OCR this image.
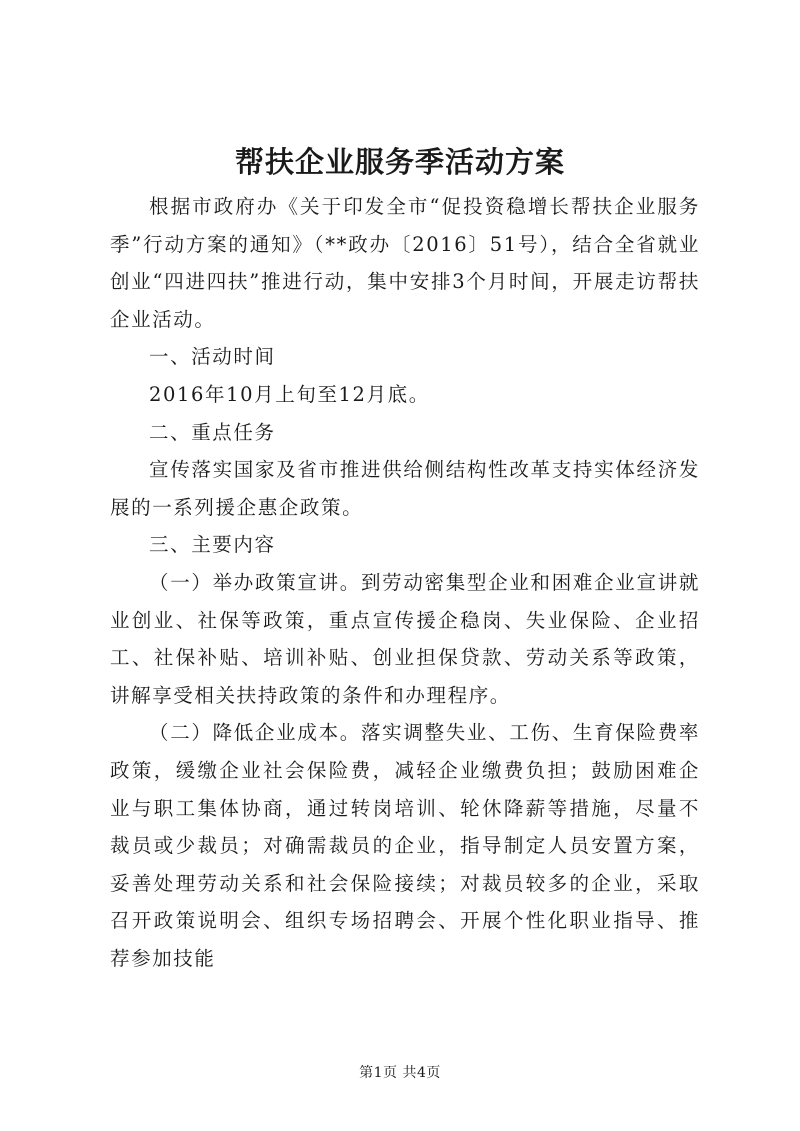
帮扶企业服务季活动方案

根据市政府办《关于印发全市“促投资稳增长帮扶企业服务季”行动方案的通知》（**政办〔2016〕51号），结合全省就业创业“四进四扶”推进行动，集中安排3个月时间，开展走访帮扶企业活动。

一、活动时间

2016年10月上旬至12月底。

二、重点任务

宣传落实国家及省市推进供给侧结构性改革支持实体经济发展的一系列援企惠企政策。

三、主要内容

（一）举办政策宣讲。到劳动密集型企业和困难企业宣讲就业创业、社保等政策，重点宣传援企稳岗、失业保险、企业招工、社保补贴、培训补贴、创业担保贷款、劳动关系等政策，讲解享受相关扶持政策的条件和办理程序。

（二）降低企业成本。落实调整失业、工伤、生育保险费率政策，缓缴企业社会保险费，减轻企业缴费负担；鼓励困难企业与职工集体协商，通过转岗培训、轮休降薪等措施，尽量不裁员或少裁员；对确需裁员的企业，指导制定人员安置方案，妥善处理劳动关系和社会保险接续；对裁员较多的企业，采取召开政策说明会、组织专场招聘会、开展个性化职业指导、推荐参加技能

第1页 共4页
